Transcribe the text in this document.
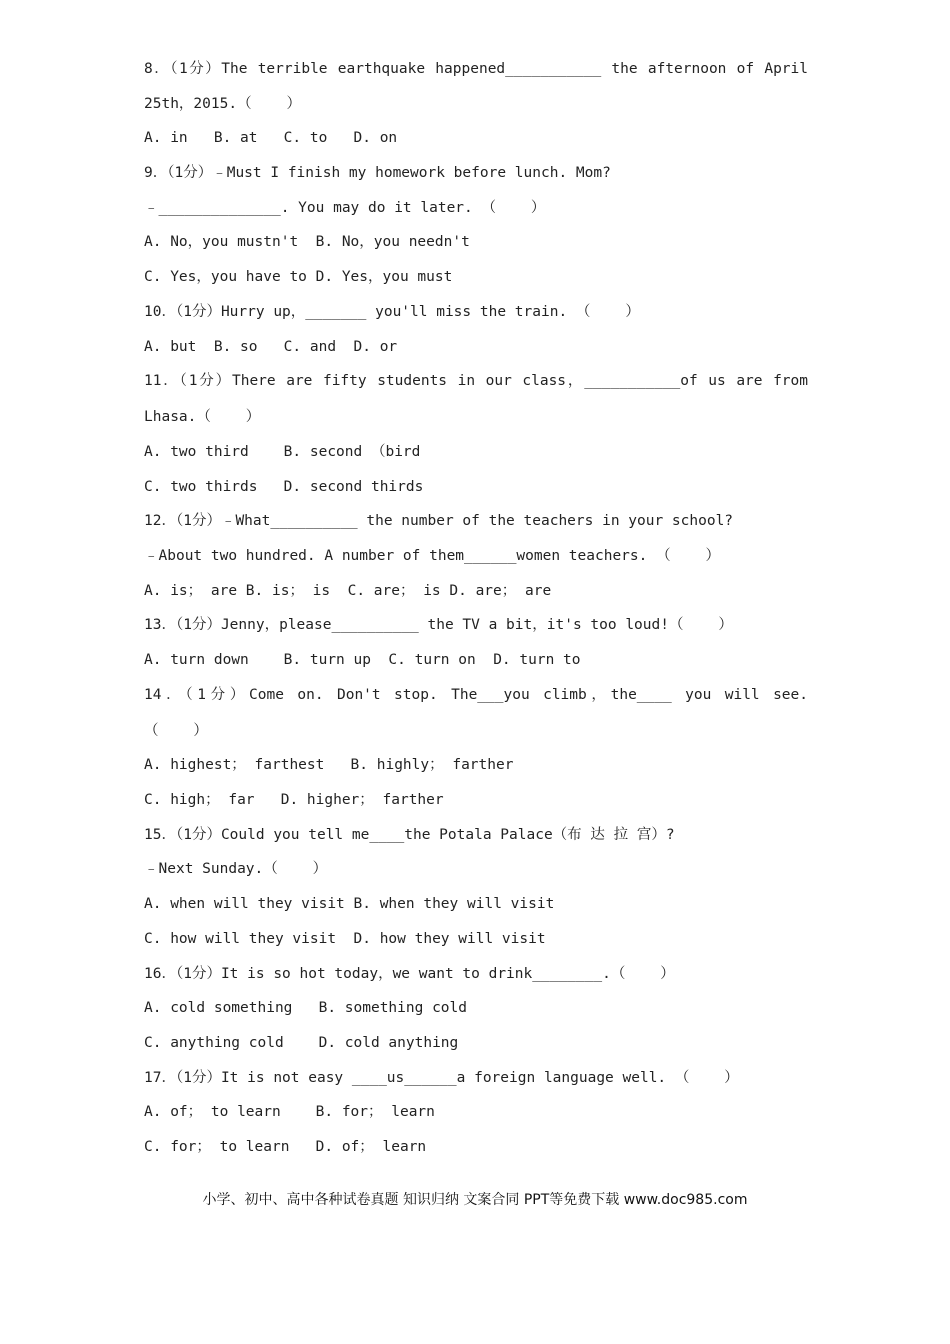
8．（1分）The terrible earthquake happened___________ the afternoon of April
25th，2015.（    ）
A. in   B. at   C. to   D. on
9．（1分）﹣Must I finish my homework before lunch. Mom?
﹣______________. You may do it later. （    ）
A. No，you mustn't  B. No，you needn't
C. Yes，you have to D. Yes，you must
10．（1分）Hurry up，_______ you'll miss the train. （    ）
A. but  B. so   C. and  D. or
11．（1分）There are fifty students in our class，___________of us are from
Lhasa.（    ）
A. two third    B. second （bird
C. two thirds   D. second thirds
12．（1分）﹣What__________ the number of the teachers in your school?
﹣About two hundred. A number of them______women teachers. （    ）
A. is； are B. is； is  C. are； is D. are； are
13．（1分）Jenny，please__________ the TV a bit，it's too loud!（    ）
A. turn down    B. turn up  C. turn on  D. turn to
14．（1分）Come on. Don't stop. The___you climb，the____ you will see.
（    ）
A. highest； farthest   B. highly； farther
C. high； far   D. higher； farther
15．（1分）Could you tell me____the Potala Palace（布 达 拉 宫）?
﹣Next Sunday.（    ）
A. when will they visit B. when they will visit
C. how will they visit  D. how they will visit
16．（1分）It is so hot today，we want to drink________.（    ）
A. cold something   B. something cold
C. anything cold    D. cold anything
17．（1分）It is not easy ____us______a foreign language well. （    ）
A. of； to learn    B. for； learn
C. for； to learn   D. of； learn
小学、初中、高中各种试卷真题 知识归纳 文案合同 PPT等免费下载 www.doc985.com
